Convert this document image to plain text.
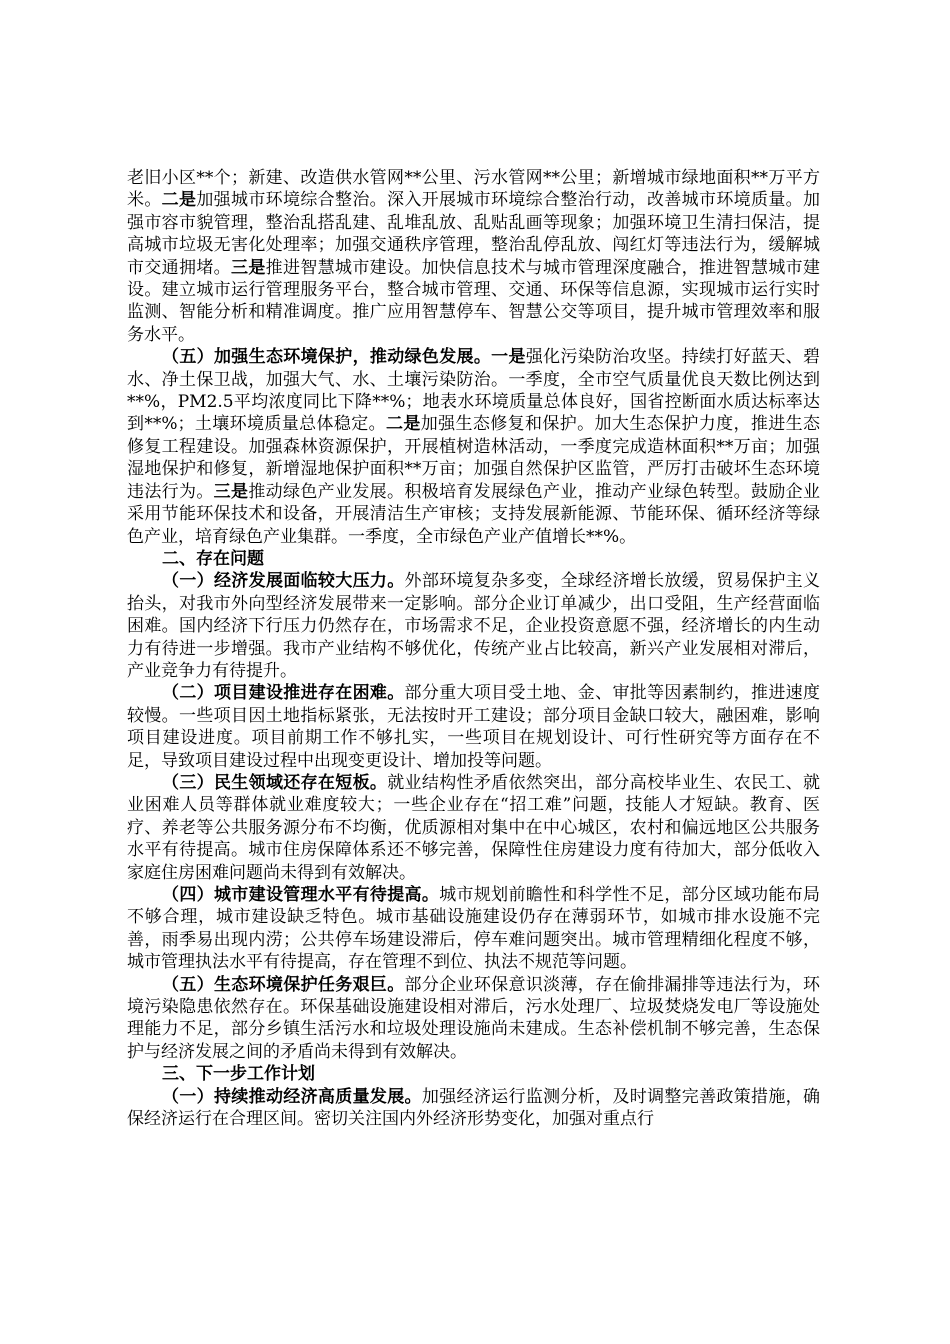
老旧小区**个；新建、改造供水管网**公里、污水管网**公里；新增城市绿地面积**万平方米。二是加强城市环境综合整治。深入开展城市环境综合整治行动，改善城市环境质量。加强市容市貌管理，整治乱搭乱建、乱堆乱放、乱贴乱画等现象；加强环境卫生清扫保洁，提高城市垃圾无害化处理率；加强交通秩序管理，整治乱停乱放、闯红灯等违法行为，缓解城市交通拥堵。三是推进智慧城市建设。加快信息技术与城市管理深度融合，推进智慧城市建设。建立城市运行管理服务平台，整合城市管理、交通、环保等信息源，实现城市运行实时监测、智能分析和精准调度。推广应用智慧停车、智慧公交等项目，提升城市管理效率和服务水平。

（五）加强生态环境保护，推动绿色发展。一是强化污染防治攻坚。持续打好蓝天、碧水、净土保卫战，加强大气、水、土壤污染防治。一季度，全市空气质量优良天数比例达到**%，PM2.5平均浓度同比下降**%；地表水环境质量总体良好，国省控断面水质达标率达到**%；土壤环境质量总体稳定。二是加强生态修复和保护。加大生态保护力度，推进生态修复工程建设。加强森林资源保护，开展植树造林活动，一季度完成造林面积**万亩；加强湿地保护和修复，新增湿地保护面积**万亩；加强自然保护区监管，严厉打击破坏生态环境违法行为。三是推动绿色产业发展。积极培育发展绿色产业，推动产业绿色转型。鼓励企业采用节能环保技术和设备，开展清洁生产审核；支持发展新能源、节能环保、循环经济等绿色产业，培育绿色产业集群。一季度，全市绿色产业产值增长**%。

二、存在问题

（一）经济发展面临较大压力。外部环境复杂多变，全球经济增长放缓，贸易保护主义抬头，对我市外向型经济发展带来一定影响。部分企业订单减少，出口受阻，生产经营面临困难。国内经济下行压力仍然存在，市场需求不足，企业投资意愿不强，经济增长的内生动力有待进一步增强。我市产业结构不够优化，传统产业占比较高，新兴产业发展相对滞后，产业竞争力有待提升。

（二）项目建设推进存在困难。部分重大项目受土地、金、审批等因素制约，推进速度较慢。一些项目因土地指标紧张，无法按时开工建设；部分项目金缺口较大，融困难，影响项目建设进度。项目前期工作不够扎实，一些项目在规划设计、可行性研究等方面存在不足，导致项目建设过程中出现变更设计、增加投等问题。

（三）民生领域还存在短板。就业结构性矛盾依然突出，部分高校毕业生、农民工、就业困难人员等群体就业难度较大；一些企业存在“招工难”问题，技能人才短缺。教育、医疗、养老等公共服务源分布不均衡，优质源相对集中在中心城区，农村和偏远地区公共服务水平有待提高。城市住房保障体系还不够完善，保障性住房建设力度有待加大，部分低收入家庭住房困难问题尚未得到有效解决。

（四）城市建设管理水平有待提高。城市规划前瞻性和科学性不足，部分区域功能布局不够合理，城市建设缺乏特色。城市基础设施建设仍存在薄弱环节，如城市排水设施不完善，雨季易出现内涝；公共停车场建设滞后，停车难问题突出。城市管理精细化程度不够，城市管理执法水平有待提高，存在管理不到位、执法不规范等问题。

（五）生态环境保护任务艰巨。部分企业环保意识淡薄，存在偷排漏排等违法行为，环境污染隐患依然存在。环保基础设施建设相对滞后，污水处理厂、垃圾焚烧发电厂等设施处理能力不足，部分乡镇生活污水和垃圾处理设施尚未建成。生态补偿机制不够完善，生态保护与经济发展之间的矛盾尚未得到有效解决。

三、下一步工作计划

（一）持续推动经济高质量发展。加强经济运行监测分析，及时调整完善政策措施，确保经济运行在合理区间。密切关注国内外经济形势变化，加强对重点行
